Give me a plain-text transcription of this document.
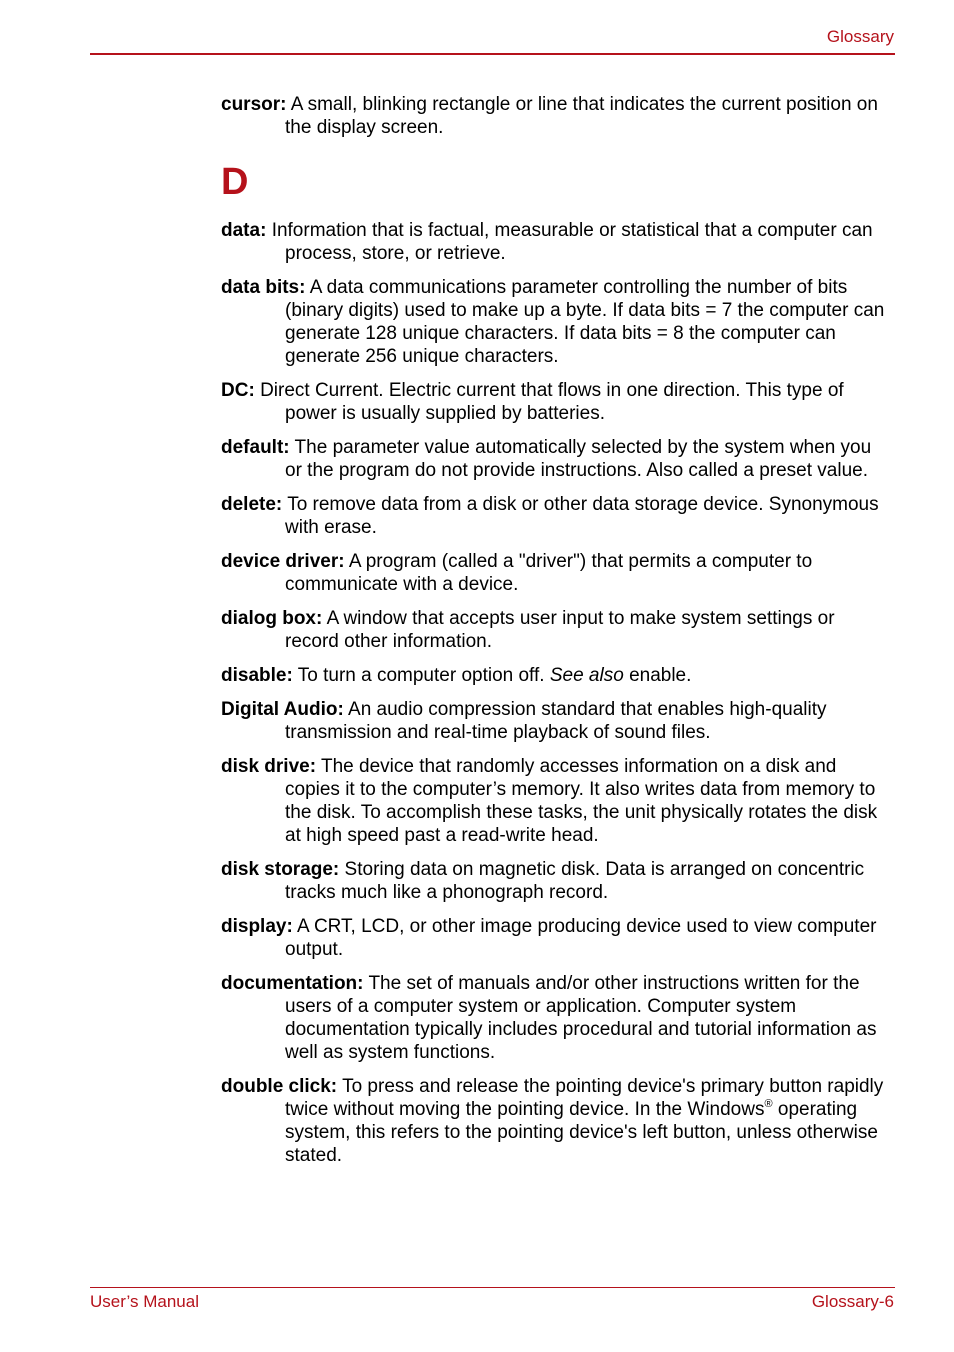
Glossary

cursor: A small, blinking rectangle or line that indicates the current position on the display screen.

D

data: Information that is factual, measurable or statistical that a computer can process, store, or retrieve.

data bits: A data communications parameter controlling the number of bits (binary digits) used to make up a byte. If data bits = 7 the computer can generate 128 unique characters. If data bits = 8 the computer can generate 256 unique characters.

DC: Direct Current. Electric current that flows in one direction. This type of power is usually supplied by batteries.

default: The parameter value automatically selected by the system when you or the program do not provide instructions. Also called a preset value.

delete: To remove data from a disk or other data storage device. Synonymous with erase.

device driver: A program (called a "driver") that permits a computer to communicate with a device.

dialog box: A window that accepts user input to make system settings or record other information.

disable: To turn a computer option off. See also enable.

Digital Audio: An audio compression standard that enables high-quality transmission and real-time playback of sound files.

disk drive: The device that randomly accesses information on a disk and copies it to the computer’s memory. It also writes data from memory to the disk. To accomplish these tasks, the unit physically rotates the disk at high speed past a read-write head.

disk storage: Storing data on magnetic disk. Data is arranged on concentric tracks much like a phonograph record.

display: A CRT, LCD, or other image producing device used to view computer output.

documentation: The set of manuals and/or other instructions written for the users of a computer system or application. Computer system documentation typically includes procedural and tutorial information as well as system functions.

double click: To press and release the pointing device's primary button rapidly twice without moving the pointing device. In the Windows® operating system, this refers to the pointing device's left button, unless otherwise stated.

User’s Manual	Glossary-6
